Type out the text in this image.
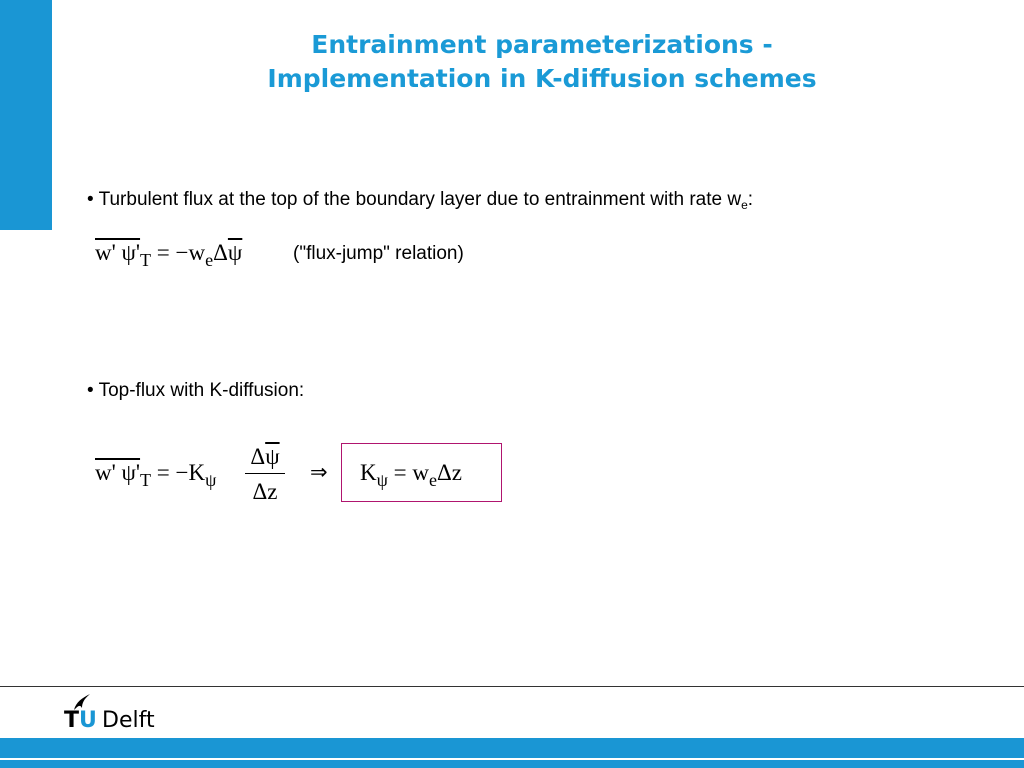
Entrainment parameterizations -
Implementation in K-diffusion schemes
• Turbulent flux at the top of the boundary layer due to entrainment with rate $w_e$:
w' $\psi'_T = -w_e\Delta\overline{\psi}$	("flux-jump" relation)
• Top-flux with K-diffusion:
w' $\psi'_T = -K_\psi$
$\Delta\overline{\psi}$
Δz
⇒ $K_\psi = w_e\Delta z$
TU Delft
